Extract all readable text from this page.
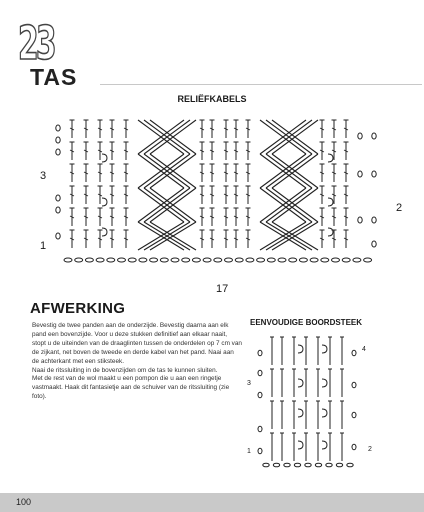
23
TAS
RELIËFKABELS
3
1
2
17
AFWERKING

Bevestig de twee panden aan de onderzijde. Bevestig daarna aan elk pand een bovenzijde. Voor u deze stukken definitief aan elkaar naait, stopt u de uiteinden van de draaglinten tussen de onderdelen op 7 cm van de zijkant, net boven de tweede en derde kabel van het pand. Naai aan de achterkant met een stiksteek.

Naai de ritssluiting in de bovenzijden om de tas te kunnen sluiten.

Met de rest van de wol maakt u een pompon die u aan een ringetje vastmaakt. Haak dit fantasietje aan de schuiver van de ritssluiting (zie foto).

EENVOUDIGE BOORDSTEEK
4
3
2
1
100
